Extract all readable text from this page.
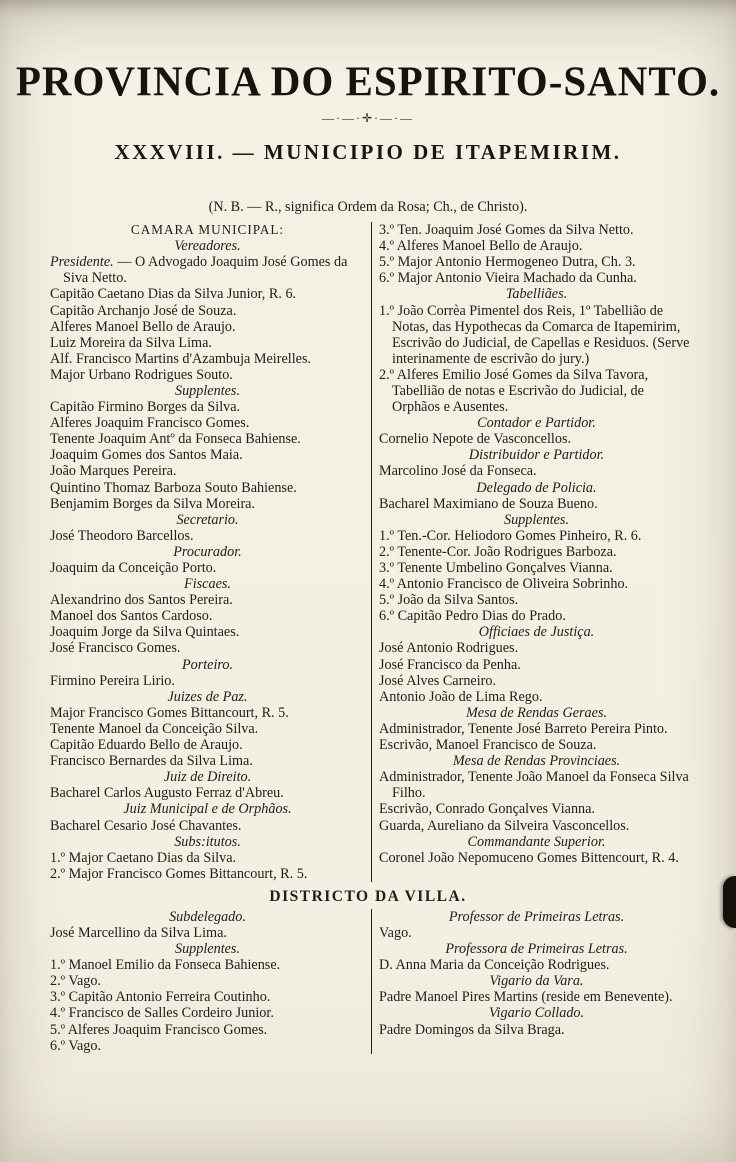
PROVINCIA DO ESPIRITO-SANTO.
—·—·✛·—·—
XXXVIII. — MUNICIPIO DE ITAPEMIRIM.

(N. B. — R., significa Ordem da Rosa; Ch., de Christo).

CAMARA MUNICIPAL:
Vereadores.
Presidente. — O Advogado Joaquim José Gomes da Siva Netto.
Capitão Caetano Dias da Silva Junior, R. 6.
Capitão Archanjo José de Souza.
Alferes Manoel Bello de Araujo.
Luiz Moreira da Silva Lima.
Alf. Francisco Martins d'Azambuja Meirelles.
Major Urbano Rodrigues Souto.
Supplentes.
Capitão Firmino Borges da Silva.
Alferes Joaquim Francisco Gomes.
Tenente Joaquim Antº da Fonseca Bahiense.
Joaquim Gomes dos Santos Maia.
João Marques Pereira.
Quintino Thomaz Barboza Souto Bahiense.
Benjamim Borges da Silva Moreira.
Secretario.
José Theodoro Barcellos.
Procurador.
Joaquim da Conceição Porto.
Fiscaes.
Alexandrino dos Santos Pereira.
Manoel dos Santos Cardoso.
Joaquim Jorge da Silva Quintaes.
José Francisco Gomes.
Porteiro.
Firmino Pereira Lirio.
Juizes de Paz.
Major Francisco Gomes Bittancourt, R. 5.
Tenente Manoel da Conceição Silva.
Capitão Eduardo Bello de Araujo.
Francisco Bernardes da Silva Lima.
Juiz de Direito.
Bacharel Carlos Augusto Ferraz d'Abreu.
Juiz Municipal e de Orphãos.
Bacharel Cesario José Chavantes.
Subs:itutos.
1.º Major Caetano Dias da Silva.
2.º Major Francisco Gomes Bittancourt, R. 5.
3.º Ten. Joaquim José Gomes da Silva Netto.
4.º Alferes Manoel Bello de Araujo.
5.º Major Antonio Hermogeneo Dutra, Ch. 3.
6.º Major Antonio Vieira Machado da Cunha.
Tabelliães.
1.º João Corrèa Pimentel dos Reis, 1º Tabellião de Notas, das Hypothecas da Comarca de Itapemirim, Escrivão do Judicial, de Capellas e Residuos. (Serve interinamente de escrivão do jury.)
2.º Alferes Emilio José Gomes da Silva Tavora, Tabellião de notas e Escrivão do Judicial, de Orphãos e Ausentes.
Contador e Partidor.
Cornelio Nepote de Vasconcellos.
Distribuidor e Partidor.
Marcolino José da Fonseca.
Delegado de Policia.
Bacharel Maximiano de Souza Bueno.
Supplentes.
1.º Ten.-Cor. Heliodoro Gomes Pinheiro, R. 6.
2.º Tenente-Cor. João Rodrigues Barboza.
3.º Tenente Umbelino Gonçalves Vianna.
4.º Antonio Francisco de Oliveira Sobrinho.
5.º João da Silva Santos.
6.º Capitão Pedro Dias do Prado.
Officiaes de Justiça.
José Antonio Rodrigues.
José Francisco da Penha.
José Alves Carneiro.
Antonio João de Lima Rego.
Mesa de Rendas Geraes.
Administrador, Tenente José Barreto Pereira Pinto.
Escrivão, Manoel Francisco de Souza.
Mesa de Rendas Provinciaes.
Administrador, Tenente João Manoel da Fonseca Silva Filho.
Escrivão, Conrado Gonçalves Vianna.
Guarda, Aureliano da Silveira Vasconcellos.
Commandante Superior.
Coronel João Nepomuceno Gomes Bittencourt, R. 4.
DISTRICTO DA VILLA.
Subdelegado.
José Marcellino da Silva Lima.
Supplentes.
1.º Manoel Emilio da Fonseca Bahiense.
2.º Vago.
3.º Capitão Antonio Ferreira Coutinho.
4.º Francisco de Salles Cordeiro Junior.
5.º Alferes Joaquim Francisco Gomes.
6.º Vago.
Professor de Primeiras Letras.
Vago.
Professora de Primeiras Letras.
D. Anna Maria da Conceição Rodrigues.
Vigario da Vara.
Padre Manoel Pires Martins (reside em Benevente).
Vigario Collado.
Padre Domingos da Silva Braga.
